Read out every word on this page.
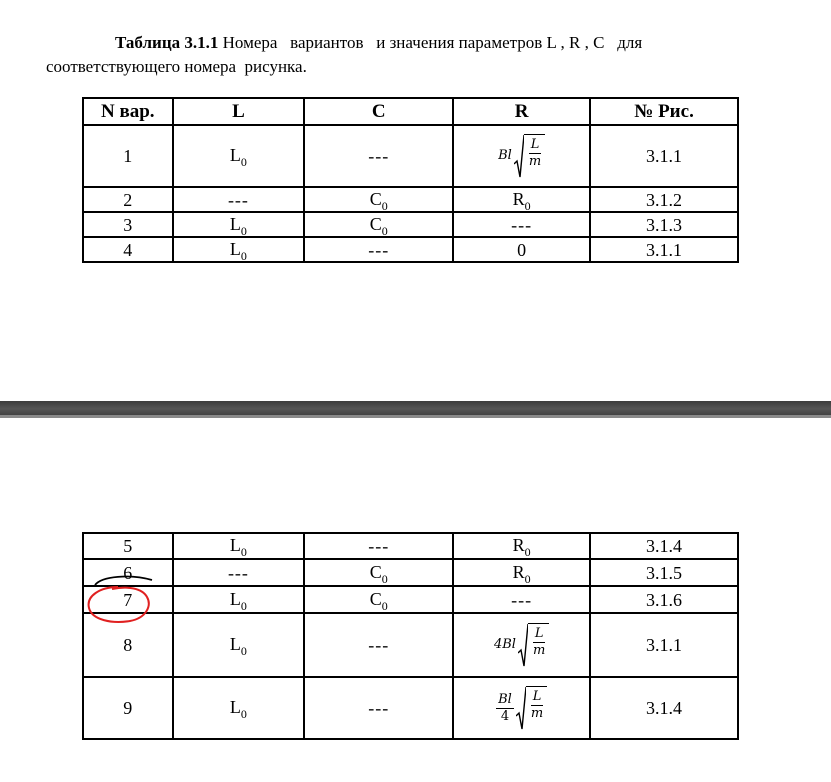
Таблица 3.1.1 Номера   вариантов   и значения параметров L , R , C   для
соответствующего номера  рисунка.
N вар.	L	C	R	№ Рис.
1	$L_0$	---	Bl $\frac{L}{m}$	3.1.1
2	---	$C_0$	$R_0$	3.1.2
3	$L_0$	$C_0$	---	3.1.3
4	$L_0$	---	0	3.1.1
5	$L_0$	---	$R_0$	3.1.4
6	---	$C_0$	$R_0$	3.1.5
7	$L_0$	$C_0$	---	3.1.6
8	$L_0$	---	$4Bl \frac{L}{m}$	3.1.1
9	$L_0$	---	$\frac{Bl}{4} \frac{L}{m}$	3.1.4
